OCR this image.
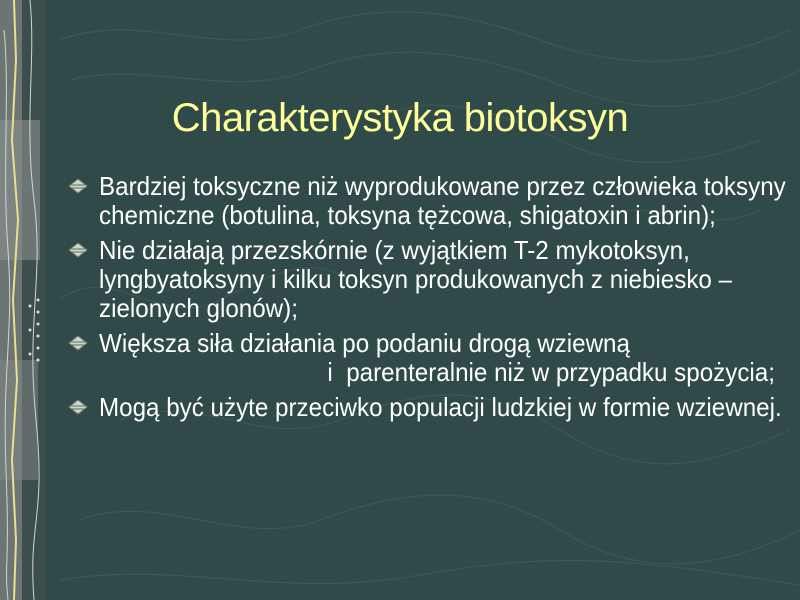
Charakterystyka biotoksyn
Bardziej toksyczne niż wyprodukowane przez człowieka toksyny chemiczne (botulina, toksyna tężcowa, shigatoxin i abrin);
Nie działają przezskórnie (z wyjątkiem T-2 mykotoksyn, lyngbyatoksyny i kilku toksyn produkowanych z niebiesko – zielonych glonów);
Większa siła działania po podaniu drogą wziewną
i  parenteralnie niż w przypadku spożycia;
Mogą być użyte przeciwko populacji ludzkiej w formie wziewnej.
